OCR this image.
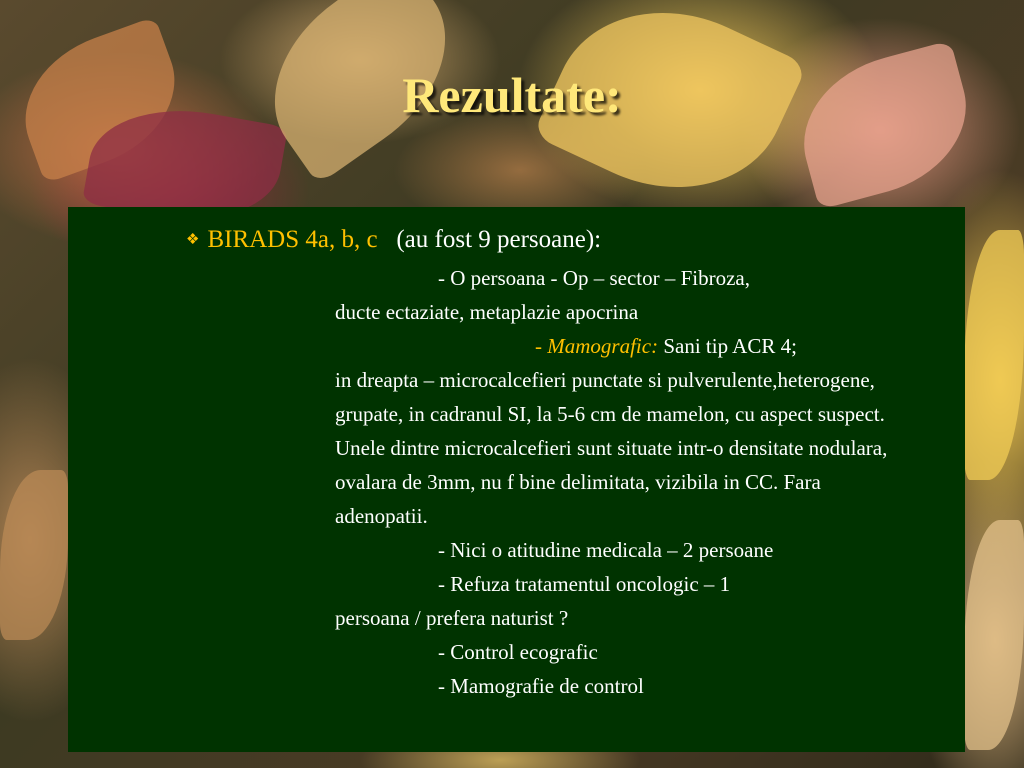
Rezultate:
❖ BIRADS 4a, b, c (au fost 9 persoane):

- O persoana - Op – sector – Fibroza,

ducte ectaziate, metaplazie apocrina

- Mamografic: Sani tip ACR 4;

in dreapta – microcalcefieri punctate si pulverulente,heterogene, grupate, in cadranul SI, la 5-6 cm de mamelon, cu aspect suspect. Unele dintre microcalcefieri sunt situate intr-o densitate nodulara, ovalara de 3mm, nu f bine delimitata, vizibila in CC. Fara adenopatii.

- Nici o atitudine medicala – 2 persoane

- Refuza tratamentul oncologic – 1

persoana / prefera naturist ?

- Control ecografic

- Mamografie de control
